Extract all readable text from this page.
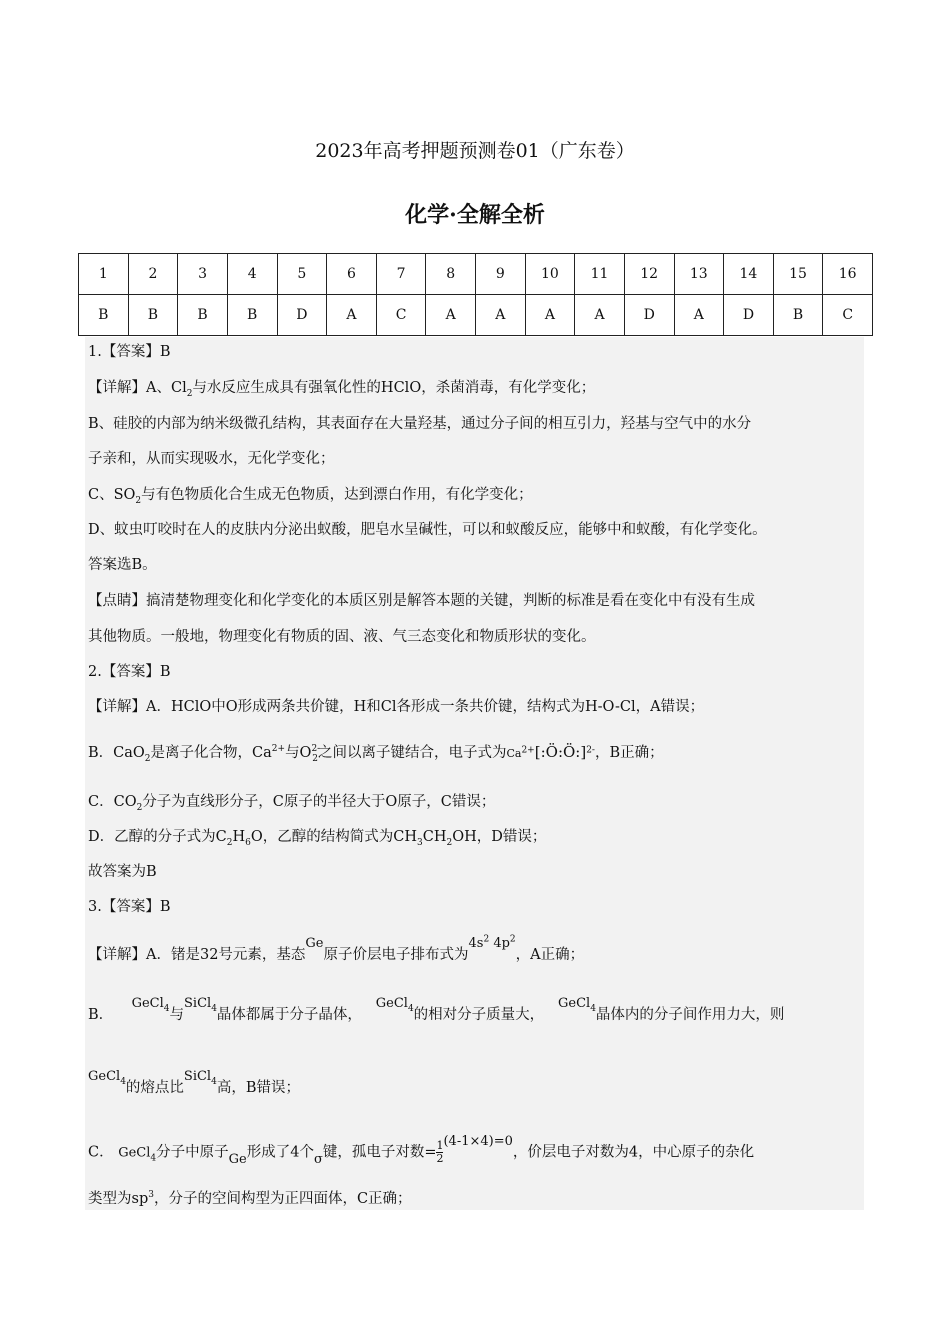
2023年高考押题预测卷01（广东卷）
化学·全解全析
1	2	3	4	5	6	7	8	9	10	11	12	13	14	15	16
B	B	B	B	D	A	C	A	A	A	A	D	A	D	B	C
1.【答案】B
【详解】A、$Cl_2$与水反应生成具有强氧化性的HClO，杀菌消毒，有化学变化；
B、硅胶的内部为纳米级微孔结构，其表面存在大量羟基，通过分子间的相互引力，羟基与空气中的水分
子亲和，从而实现吸水，无化学变化；
C、$SO_2$与有色物质化合生成无色物质，达到漂白作用，有化学变化；
D、蚊虫叮咬时在人的皮肤内分泌出蚁酸，肥皂水呈碱性，可以和蚁酸反应，能够中和蚁酸，有化学变化。
答案选B。
【点睛】搞清楚物理变化和化学变化的本质区别是解答本题的关键，判断的标准是看在变化中有没有生成
其他物质。一般地，物理变化有物质的固、液、气三态变化和物质形状的变化。
2.【答案】B
【详解】A．HClO中O形成两条共价键，H和Cl各形成一条共价键，结构式为H-O-Cl，A错误；
B．CaO$_2$是离子化合物，$Ca^{2+}$与$O^{2-}_2$之间以离子键结合，电子式为$Ca^{2+}[:Ö:Ö:]^{2-}$，B正确；
C．$CO_2$分子为直线形分子，C原子的半径大于O原子，C错误；
D．乙醇的分子式为$C_2H_6O$，乙醇的结构简式为$CH_3CH_2OH$，D错误；
故答案为B
3.【答案】B
【详解】A．锗是32号元素，基态Ge原子价层电子排布式为$4s^2$ $4p^2$，A正确；
B．    GeCl$_4$与SiCl$_4$晶体都属于分子晶体，   GeCl$_4$的相对分子质量大，   GeCl$_4$晶体内的分子间作用力大，则
GeCl$_4$的熔点比SiCl$_4$高，B错误；
C． GeCl$_4$分子中原子Ge形成了4个σ键，孤电子对数= $\frac{1}{2} (4-1\times 4)=0$，价层电子对数为4，中心原子的杂化
类型为$sp^3$，分子的空间构型为正四面体，C正确；
